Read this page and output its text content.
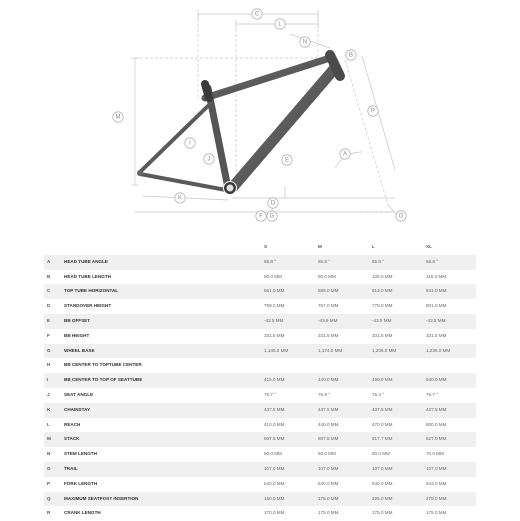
A
B
C
D
E
F G
I
J
K
L
M
N
O
P
		S	M	L	XL
A	HEAD TUBE ANGLE	65.8 °	65.8 °	65.8 °	65.8 °
B	HEAD TUBE LENGTH	90.0 MM	90.0 MM	105.0 MM	115.0 MM
C	TOP TUBE HORIZONTAL	561.0 MM	589.0 MM	613.0 MM	641.0 MM
D	STANDOVER HEIGHT	759.0 MM	767.0 MM	778.0 MM	801.0 MM
E	BB OFFSET	-43.5 MM	-43.5 MM	-43.5 MM	-43.5 MM
F	BB HEIGHT	331.5 MM	331.5 MM	331.5 MM	331.5 MM
G	WHEEL BASE	1,145.0 MM	1,174.0 MM	1,205.0 MM	1,236.0 MM
H	BB CENTER TO TOPTUBE CENTER				
I	BB CENTER TO TOP OF SEATTUBE	415.0 MM	440.0 MM	490.0 MM	540.0 MM
J	SEAT ANGLE	75.7 °	75.9 °	76.4 °	76.7 °
K	CHAINSTAY	437.5 MM	437.5 MM	437.5 MM	437.5 MM
L	REACH	410.0 MM	440.0 MM	470.0 MM	500.0 MM
M	STACK	607.5 MM	607.5 MM	617.7 MM	627.0 MM
N	STEM LENGTH	50.0 MM	60.0 MM	60.0 MM	70.0 MM
O	TRAIL	107.0 MM	107.0 MM	107.0 MM	107.0 MM
P	FORK LENGTH	540.0 MM	540.0 MM	540.0 MM	543.0 MM
Q	MAXIMUM SEATPOST INSERTION	150.0 MM	175.0 MM	225.0 MM	275.0 MM
R	CRANK LENGTH	170.0 MM	175.0 MM	175.0 MM	175.0 MM
